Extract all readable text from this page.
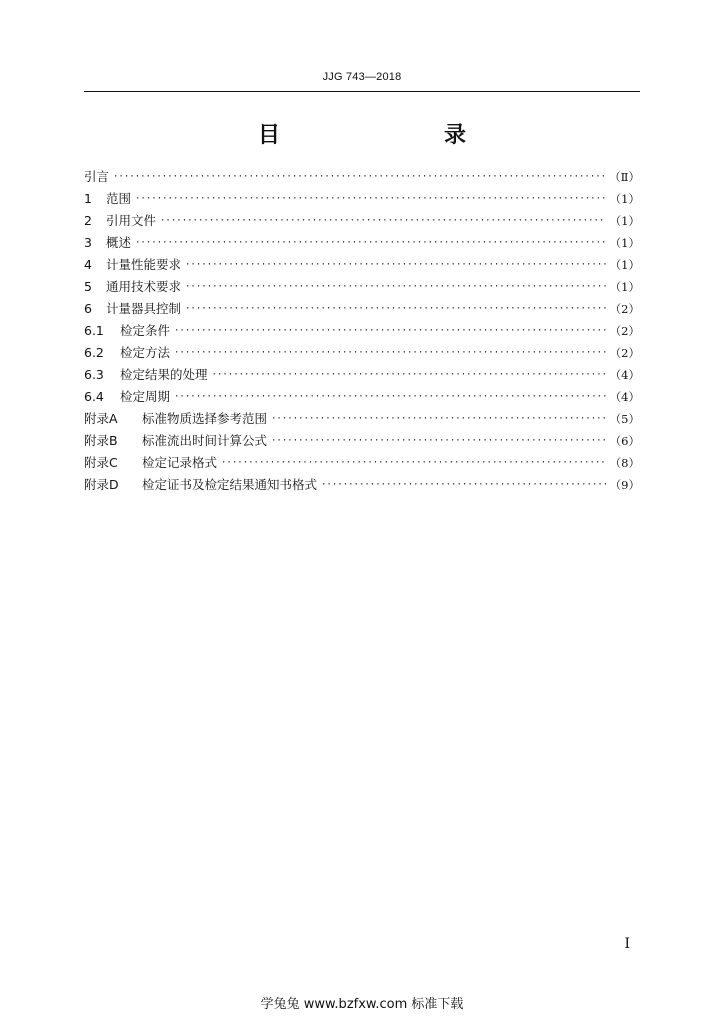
JJG 743—2018
目　　录
引言 ·····	（Ⅱ）
1	范围 ·····	（1）
2	引用文件 ·····	（1）
3	概述 ·····	（1）
4	计量性能要求 ·····	（1）
5	通用技术要求 ·····	（1）
6	计量器具控制 ·····	（2）
6.1	检定条件 ·····	（2）
6.2	检定方法 ·····	（2）
6.3	检定结果的处理 ·····	（4）
6.4	检定周期 ·····	（4）
附录A	标准物质选择参考范围 ·····	（5）
附录B	标准流出时间计算公式 ·····	（6）
附录C	检定记录格式 ·····	（8）
附录D	检定证书及检定结果通知书格式 ·····	（9）
I
学兔兔 www.bzfxw.com 标准下载
